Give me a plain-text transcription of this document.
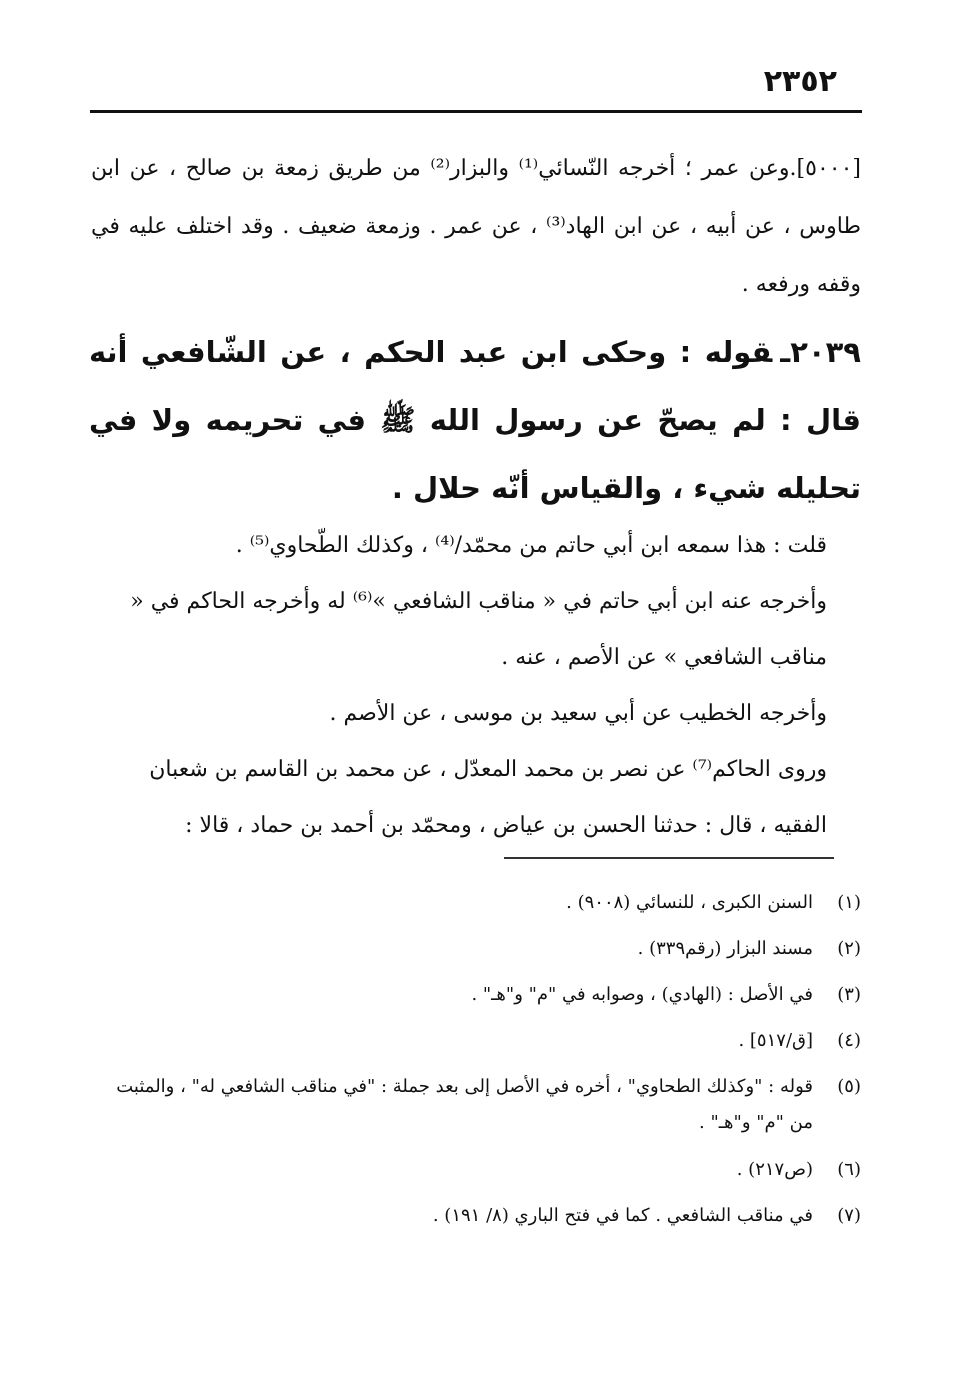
٢٣٥٢
[٥٠٠٠].وعن عمر ؛ أخرجه النّسائي⁽¹⁾ والبزار⁽²⁾ من طريق زمعة بن صالح ، عن ابن طاوس ، عن أبيه ، عن ابن الهاد⁽³⁾ ، عن عمر . وزمعة ضعيف . وقد اختلف عليه في وقفه ورفعه .
٢٠٣٩ـقوله : وحكى ابن عبد الحكم ، عن الشّافعي أنه قال : لم يصحّ عن رسول الله ﷺ في تحريمه ولا في تحليله شيء ، والقياس أنّه حلال .
قلت : هذا سمعه ابن أبي حاتم من محمّد/⁽⁴⁾ ، وكذلك الطّحاوي⁽⁵⁾ .
وأخرجه عنه ابن أبي حاتم في « مناقب الشافعي »⁽⁶⁾ له وأخرجه الحاكم في « مناقب الشافعي » عن الأصم ، عنه .
وأخرجه الخطيب عن أبي سعيد بن موسى ، عن الأصم .
وروى الحاكم⁽⁷⁾ عن نصر بن محمد المعدّل ، عن محمد بن القاسم بن شعبان الفقيه ، قال : حدثنا الحسن بن عياض ، ومحمّد بن أحمد بن حماد ، قالا :
(١)
السنن الكبرى ، للنسائي (٩٠٠٨) .
(٢)
مسند البزار (رقم٣٣٩) .
(٣)
في الأصل : (الهادي) ، وصوابه في "م" و"هـ" .
(٤)
[ق/٥١٧] .
(٥)
قوله : "وكذلك الطحاوي" ، أخره في الأصل إلى بعد جملة : "في مناقب الشافعي له" ، والمثبت من "م" و"هـ" .
(٦)
(ص٢١٧) .
(٧)
في مناقب الشافعي . كما في فتح الباري (٨/ ١٩١) .
